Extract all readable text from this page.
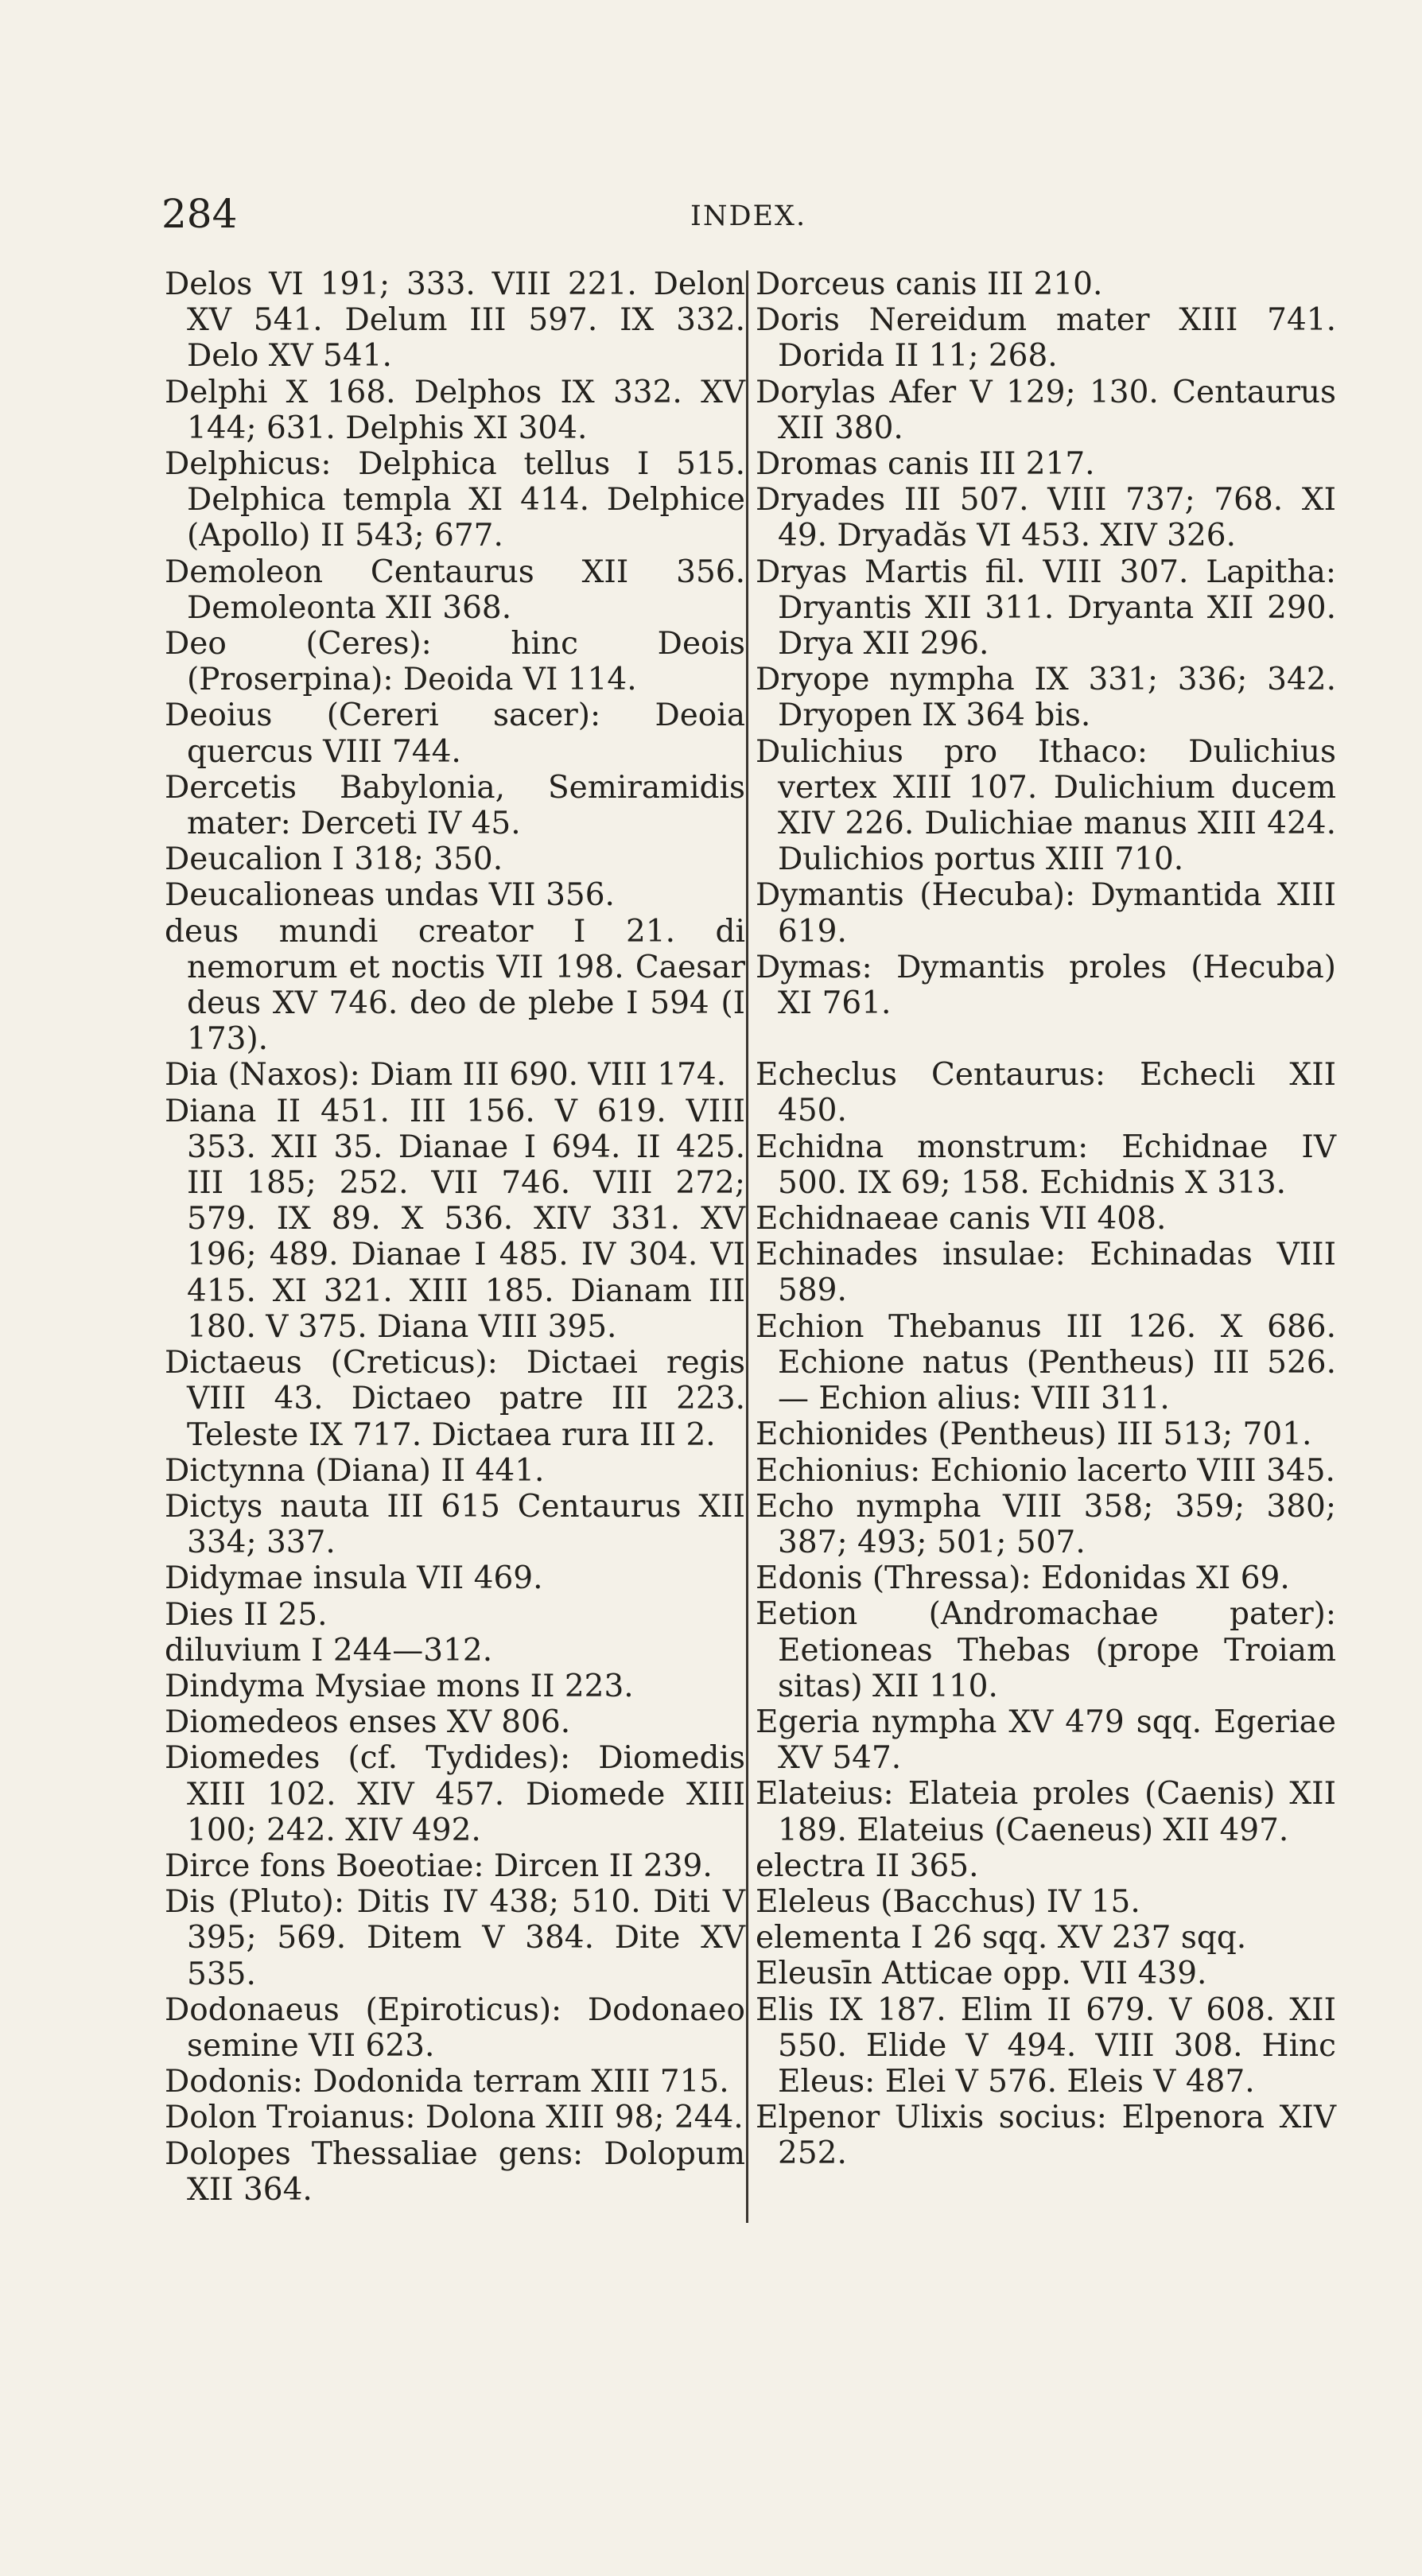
284	INDEX.

Delos VI 191; 333. VIII 221. Delon XV 541. Delum III 597. IX 332. Delo XV 541.

Delphi X 168. Delphos IX 332. XV 144; 631. Delphis XI 304.

Delphicus: Delphica tellus I 515. Delphica templa XI 414. Delphice (Apollo) II 543; 677.

Demoleon Centaurus XII 356. Demoleonta XII 368.

Deo (Ceres): hinc Deois (Proserpina): Deoida VI 114.

Deoius (Cereri sacer): Deoia quercus VIII 744.

Dercetis Babylonia, Semiramidis mater: Derceti IV 45.

Deucalion I 318; 350.

Deucalioneas undas VII 356.

deus mundi creator I 21. di nemorum et noctis VII 198. Caesar deus XV 746. deo de plebe I 594 (I 173).

Dia (Naxos): Diam III 690. VIII 174.

Diana II 451. III 156. V 619. VIII 353. XII 35. Dianae I 694. II 425. III 185; 252. VII 746. VIII 272; 579. IX 89. X 536. XIV 331. XV 196; 489. Dianae I 485. IV 304. VI 415. XI 321. XIII 185. Dianam III 180. V 375. Diana VIII 395.

Dictaeus (Creticus): Dictaei regis VIII 43. Dictaeo patre III 223. Teleste IX 717. Dictaea rura III 2.

Dictynna (Diana) II 441.

Dictys nauta III 615 Centaurus XII 334; 337.

Didymae insula VII 469.

Dies II 25.

diluvium I 244—312.

Dindyma Mysiae mons II 223.

Diomedeos enses XV 806.

Diomedes (cf. Tydides): Diomedis XIII 102. XIV 457. Diomede XIII 100; 242. XIV 492.

Dirce fons Boeotiae: Dircen II 239.

Dis (Pluto): Ditis IV 438; 510. Diti V 395; 569. Ditem V 384. Dite XV 535.

Dodonaeus (Epiroticus): Dodonaeo semine VII 623.

Dodonis: Dodonida terram XIII 715.

Dolon Troianus: Dolona XIII 98; 244.

Dolopes Thessaliae gens: Dolopum XII 364.

Dorceus canis III 210.

Doris Nereidum mater XIII 741. Dorida II 11; 268.

Dorylas Afer V 129; 130. Centaurus XII 380.

Dromas canis III 217.

Dryades III 507. VIII 737; 768. XI 49. Dryadăs VI 453. XIV 326.

Dryas Martis fil. VIII 307. Lapitha: Dryantis XII 311. Dryanta XII 290. Drya XII 296.

Dryope nympha IX 331; 336; 342. Dryopen IX 364 bis.

Dulichius pro Ithaco: Dulichius vertex XIII 107. Dulichium ducem XIV 226. Dulichiae manus XIII 424. Dulichios portus XIII 710.

Dymantis (Hecuba): Dymantida XIII 619.

Dymas: Dymantis proles (Hecuba) XI 761.

Echeclus Centaurus: Echecli XII 450.

Echidna monstrum: Echidnae IV 500. IX 69; 158. Echidnis X 313.

Echidnaeae canis VII 408.

Echinades insulae: Echinadas VIII 589.

Echion Thebanus III 126. X 686. Echione natus (Pentheus) III 526. — Echion alius: VIII 311.

Echionides (Pentheus) III 513; 701.

Echionius: Echionio lacerto VIII 345.

Echo nympha VIII 358; 359; 380; 387; 493; 501; 507.

Edonis (Thressa): Edonidas XI 69.

Eetion (Andromachae pater): Eetioneas Thebas (prope Troiam sitas) XII 110.

Egeria nympha XV 479 sqq. Egeriae XV 547.

Elateius: Elateia proles (Caenis) XII 189. Elateius (Caeneus) XII 497.

electra II 365.

Eleleus (Bacchus) IV 15.

elementa I 26 sqq. XV 237 sqq.

Eleusīn Atticae opp. VII 439.

Elis IX 187. Elim II 679. V 608. XII 550. Elide V 494. VIII 308. Hinc Eleus: Elei V 576. Eleis V 487.

Elpenor Ulixis socius: Elpenora XIV 252.
